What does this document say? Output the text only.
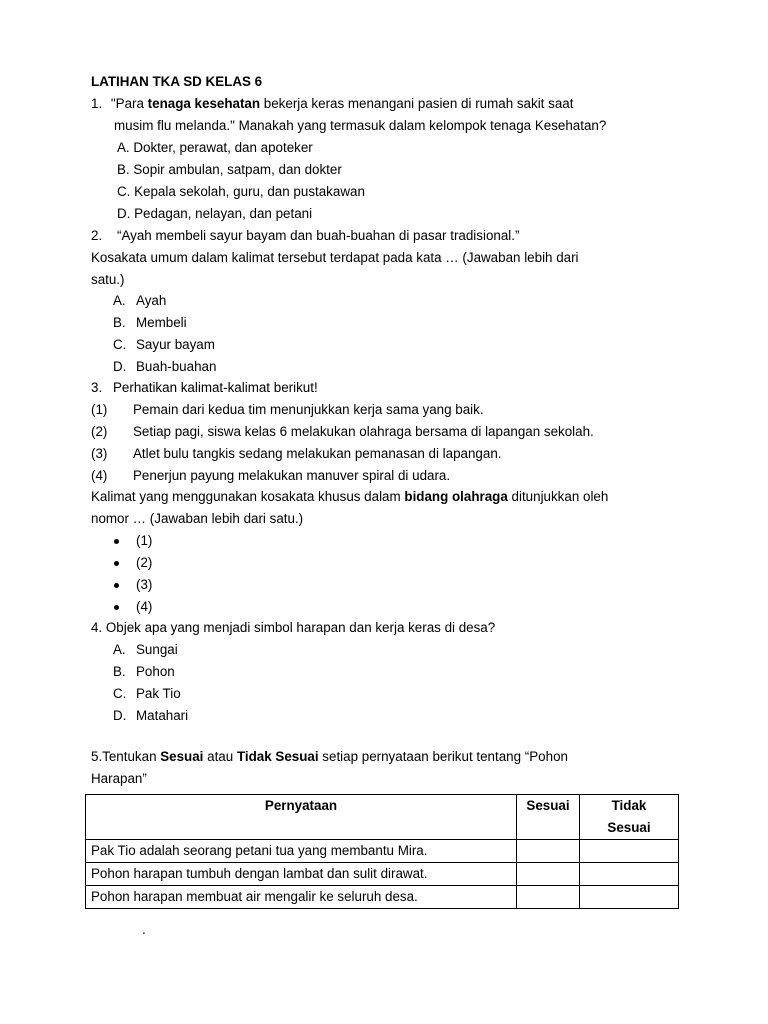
LATIHAN TKA SD KELAS 6
1. "Para tenaga kesehatan bekerja keras menangani pasien di rumah sakit saat
musim flu melanda." Manakah yang termasuk dalam kelompok tenaga Kesehatan?
A. Dokter, perawat, dan apoteker
B. Sopir ambulan, satpam, dan dokter
C. Kepala sekolah, guru, dan pustakawan
D. Pedagan, nelayan, dan petani
2. “Ayah membeli sayur bayam dan buah-buahan di pasar tradisional.”
Kosakata umum dalam kalimat tersebut terdapat pada kata … (Jawaban lebih dari
satu.)
A. Ayah
B. Membeli
C. Sayur bayam
D. Buah-buahan
3. Perhatikan kalimat-kalimat berikut!
(1) Pemain dari kedua tim menunjukkan kerja sama yang baik.
(2) Setiap pagi, siswa kelas 6 melakukan olahraga bersama di lapangan sekolah.
(3) Atlet bulu tangkis sedang melakukan pemanasan di lapangan.
(4) Penerjun payung melakukan manuver spiral di udara.
Kalimat yang menggunakan kosakata khusus dalam bidang olahraga ditunjukkan oleh
nomor … (Jawaban lebih dari satu.)
(1)
(2)
(3)
(4)
4. Objek apa yang menjadi simbol harapan dan kerja keras di desa?
A. Sungai
B. Pohon
C. Pak Tio
D. Matahari
5.Tentukan Sesuai atau Tidak Sesuai setiap pernyataan berikut tentang “Pohon
Harapan”
Pernyataan	Sesuai	Tidak
Sesuai
Pak Tio adalah seorang petani tua yang membantu Mira.		
Pohon harapan tumbuh dengan lambat dan sulit dirawat.		
Pohon harapan membuat air mengalir ke seluruh desa.		
.
